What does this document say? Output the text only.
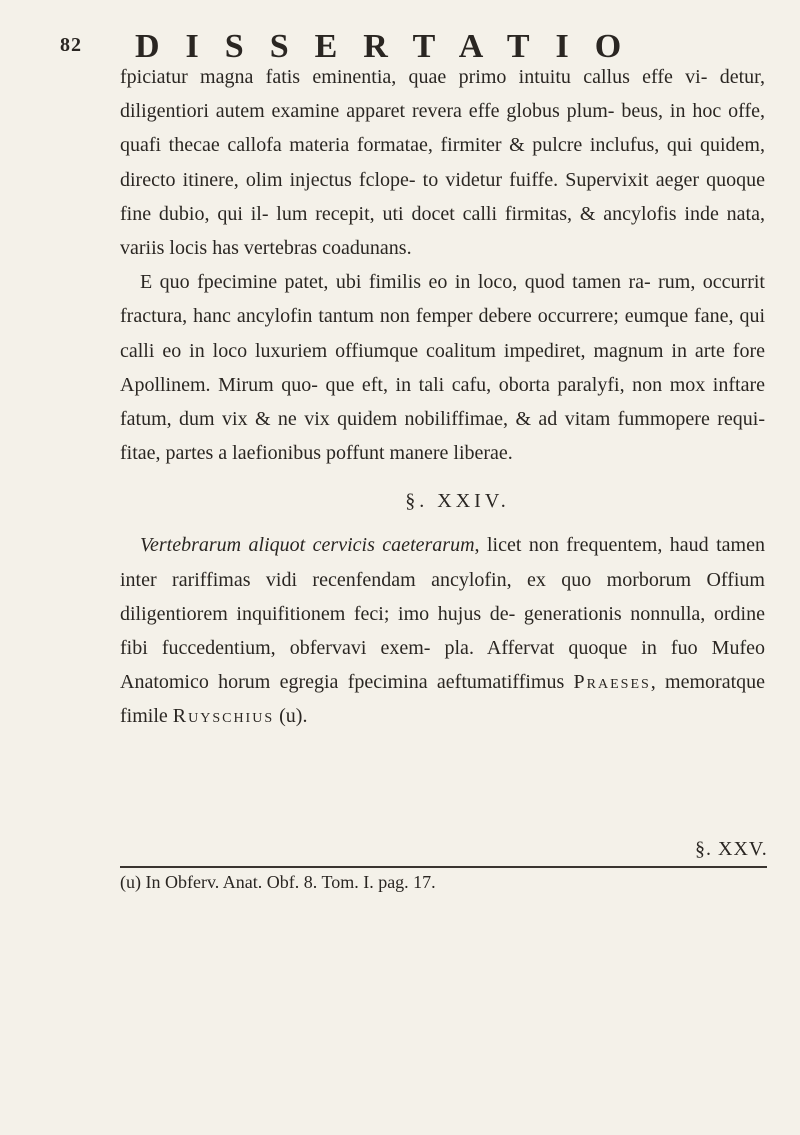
82 DISSERTATIO

fpiciatur magna fatis eminentia, quae primo intuitu callus effe vi- detur, diligentiori autem examine apparet revera effe globus plum- beus, in hoc offe, quafi thecae callofa materia formatae, firmiter & pulcre inclufus, qui quidem, directo itinere, olim injectus fclope- to videtur fuiffe. Supervixit aeger quoque fine dubio, qui il- lum recepit, uti docet calli firmitas, & ancylofis inde nata, variis locis has vertebras coadunans.

E quo fpecimine patet, ubi fimilis eo in loco, quod tamen ra- rum, occurrit fractura, hanc ancylofin tantum non femper debere occurrere; eumque fane, qui calli eo in loco luxuriem offiumque coalitum impediret, magnum in arte fore Apollinem. Mirum quo- que eft, in tali cafu, oborta paralyfi, non mox inftare fatum, dum vix & ne vix quidem nobiliffimae, & ad vitam fummopere requi- fitae, partes a laefionibus poffunt manere liberae.

§. XXIV.

Vertebrarum aliquot cervicis caeterarum, licet non frequentem, haud tamen inter rariffimas vidi recenfendam ancylofin, ex quo morborum Offium diligentiorem inquifitionem feci; imo hujus de- generationis nonnulla, ordine fibi fuccedentium, obfervavi exem- pla. Affervat quoque in fuo Mufeo Anatomico horum egregia fpecimina aeftumatiffimus Praeses, memoratque fimile Ruyschius (u).

§. XXV.
(u) In Obferv. Anat. Obf. 8. Tom. I. pag. 17.
